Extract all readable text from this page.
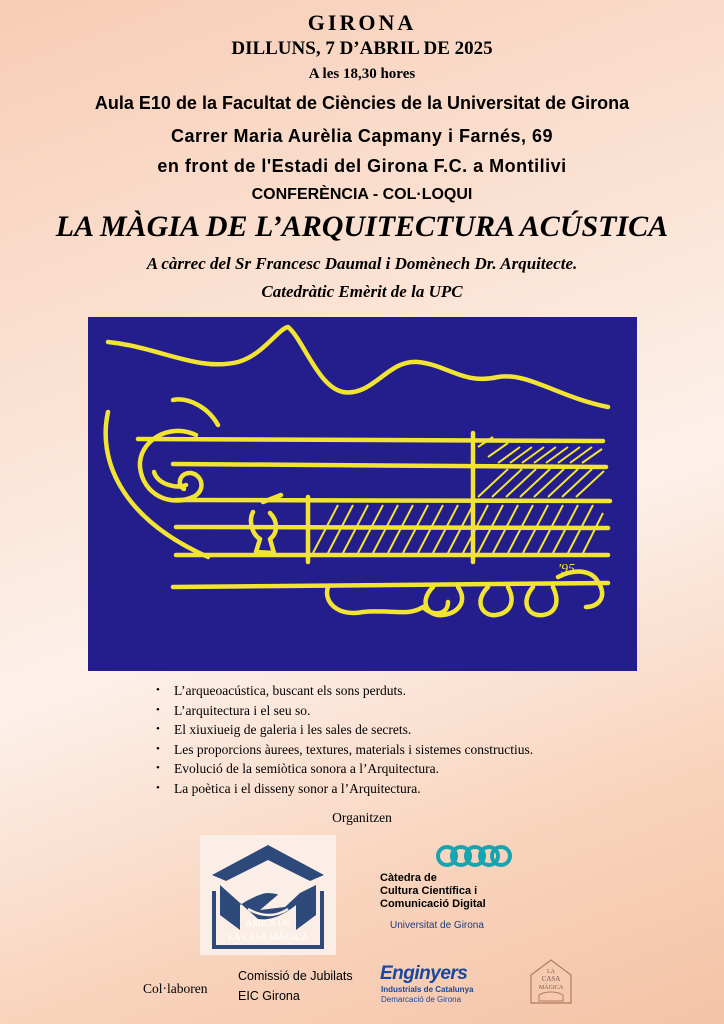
GIRONA
DILLUNS, 7 D’ABRIL DE 2025
A les 18,30 hores
Aula E10 de la Facultat de Ciències de la Universitat de Girona
Carrer Maria Aurèlia Capmany i Farnés, 69
en front de l'Estadi del Girona F.C. a Montilivi
CONFERÈNCIA - COL·LOQUI
LA MÀGIA DE L’ARQUITECTURA ACÚSTICA
A càrrec del Sr Francesc Daumal i Domènech Dr. Arquitecte.
Catedràtic Emèrit de la UPC
'95
• L’arqueoacústica, buscant els sons perduts.
• L’arquitectura i el seu so.
• El xiuxiueig de galeria i les sales de secrets.
• Les proporcions àurees, textures, materials i sistemes constructius.
• Evolució de la semiòtica sonora a l’Arquitectura.
• La poètica i el disseny sonor a l’Arquitectura.
Organitzen
AMICS DE
LA CASA MÀGICA
Càtedra de
Cultura Científica i
Comunicació Digital
Universitat de Girona
Col·laboren
Comissió de Jubilats
EIC Girona
Enginyers
Industrials de Catalunya
Demarcació de Girona
LA
CASA
MÀGICA
